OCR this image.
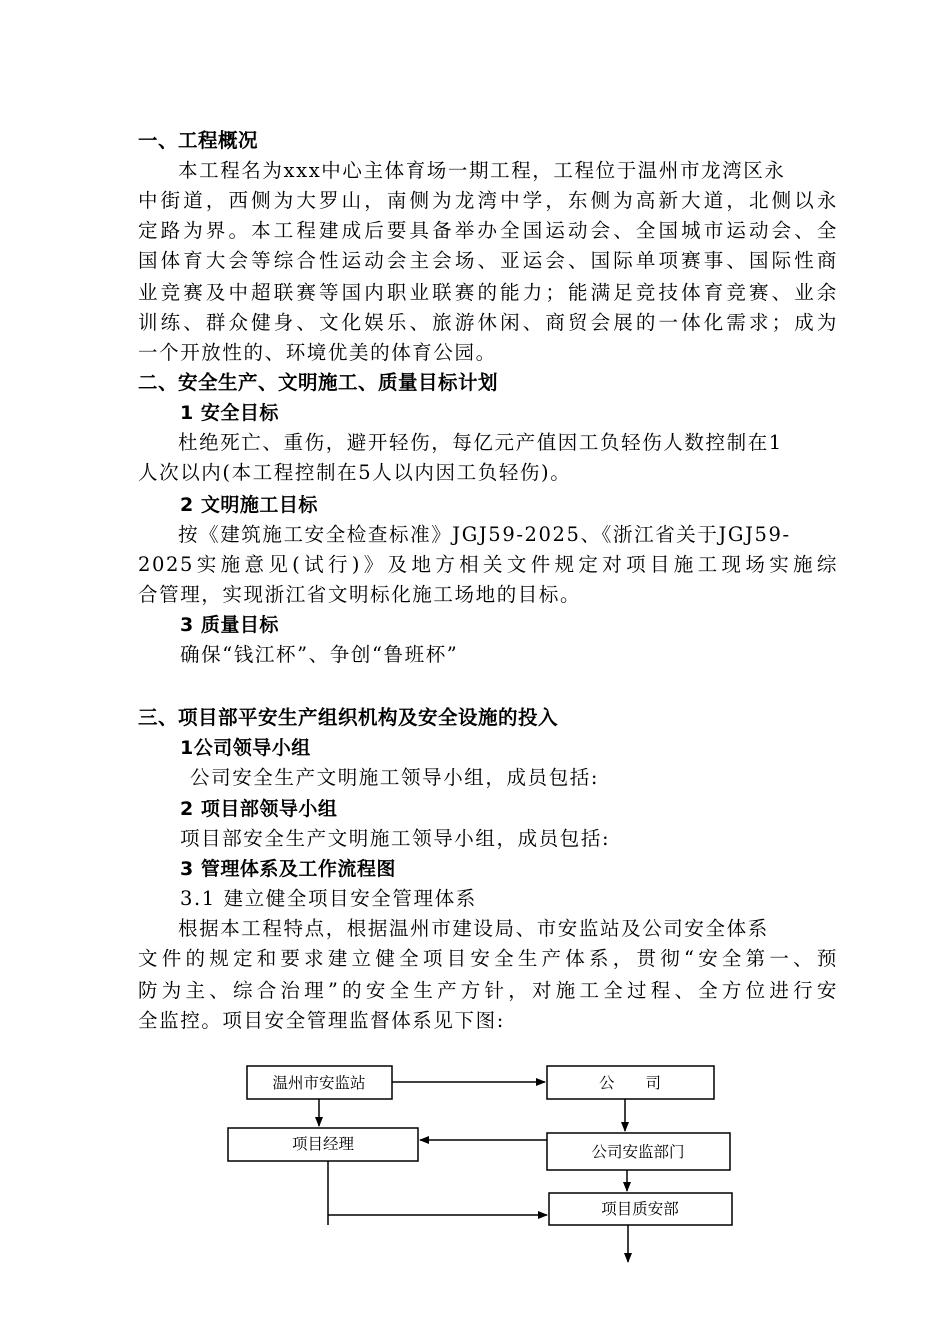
一、工程概况
本工程名为xxx中心主体育场一期工程，工程位于温州市龙湾区永
中街道，西侧为大罗山，南侧为龙湾中学，东侧为高新大道，北侧以永
定路为界。本工程建成后要具备举办全国运动会、全国城市运动会、全
国体育大会等综合性运动会主会场、亚运会、国际单项赛事、国际性商
业竞赛及中超联赛等国内职业联赛的能力；能满足竞技体育竞赛、业余
训练、群众健身、文化娱乐、旅游休闲、商贸会展的一体化需求；成为
一个开放性的、环境优美的体育公园。
二、安全生产、文明施工、质量目标计划
1 安全目标
杜绝死亡、重伤，避开轻伤，每亿元产值因工负轻伤人数控制在1
人次以内(本工程控制在5人以内因工负轻伤)。
2 文明施工目标
按《建筑施工安全检查标准》JGJ59-2025、《浙江省关于JGJ59-
2025实施意见(试行)》及地方相关文件规定对项目施工现场实施综
合管理，实现浙江省文明标化施工场地的目标。
3 质量目标
确保“钱江杯”、争创“鲁班杯”
三、项目部平安生产组织机构及安全设施的投入
1公司领导小组
公司安全生产文明施工领导小组，成员包括:
2 项目部领导小组
项目部安全生产文明施工领导小组，成员包括:
3 管理体系及工作流程图
3.1 建立健全项目安全管理体系
根据本工程特点，根据温州市建设局、市安监站及公司安全体系
文件的规定和要求建立健全项目安全生产体系，贯彻“安全第一、预
防为主、综合治理”的安全生产方针，对施工全过程、全方位进行安
全监控。项目安全管理监督体系见下图:
温州市安监站	公　　司
项目经理	公司安监部门
项目质安部
